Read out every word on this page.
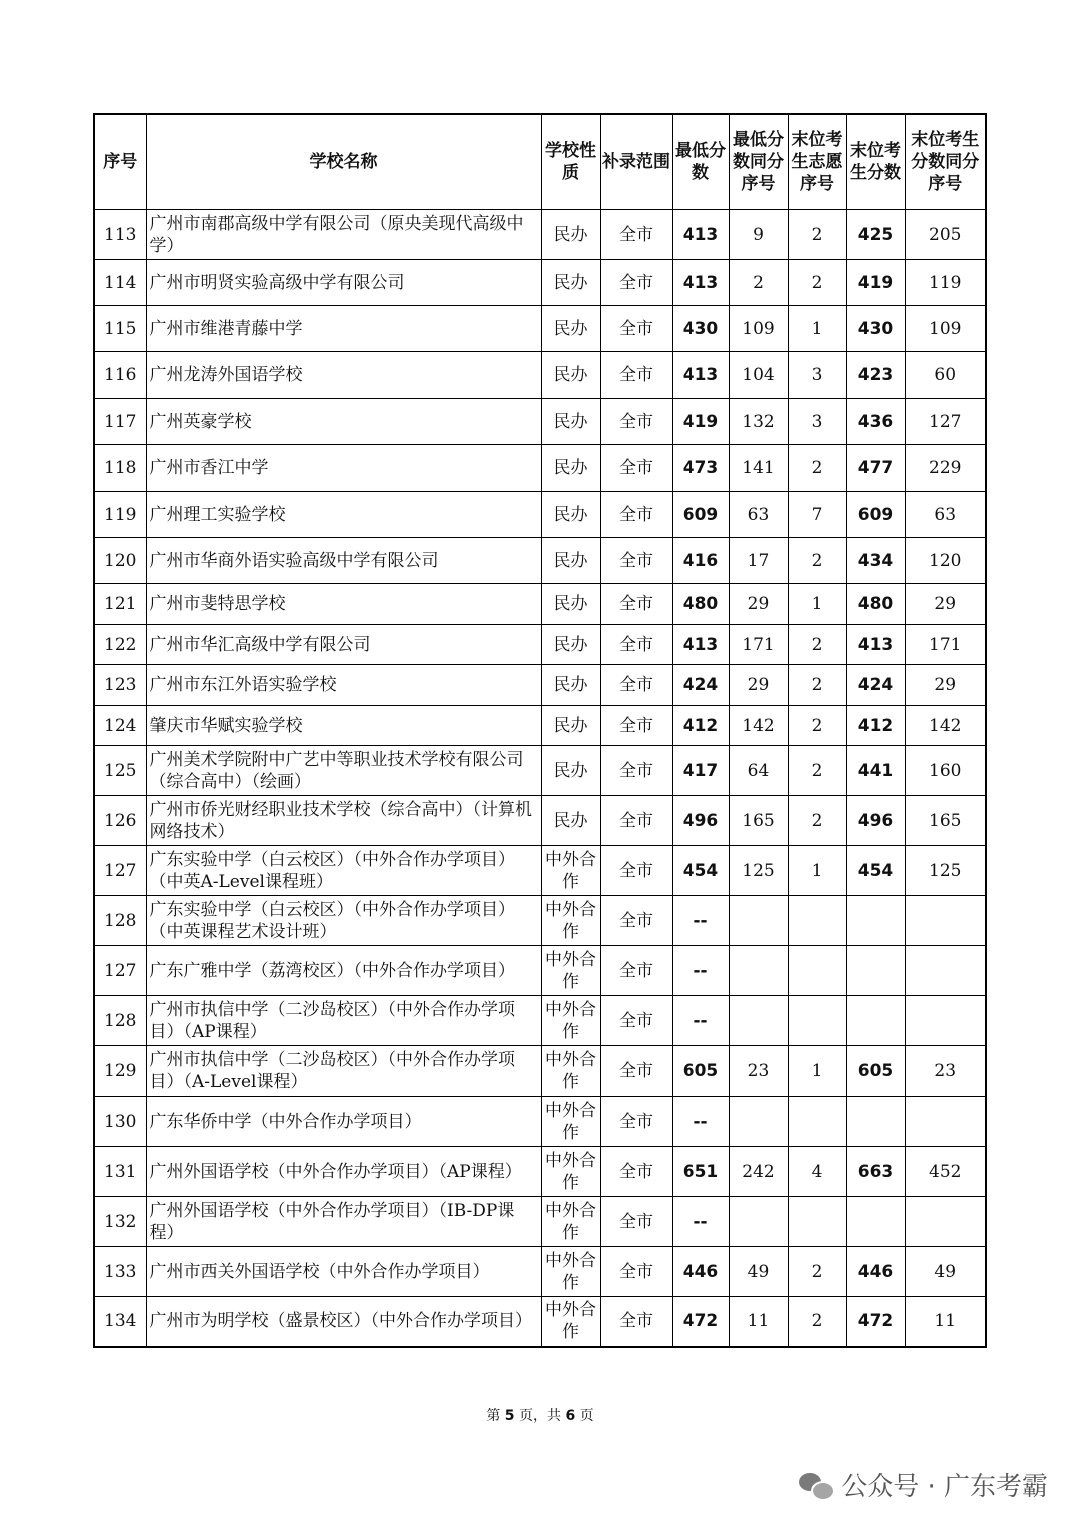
序号	学校名称	学校性质	补录范围	最低分数	最低分数同分序号	末位考生志愿序号	末位考生分数	末位考生分数同分序号
113	广州市南郡高级中学有限公司（原央美现代高级中学）	民办	全市	413	9	2	425	205
114	广州市明贤实验高级中学有限公司	民办	全市	413	2	2	419	119
115	广州市维港青藤中学	民办	全市	430	109	1	430	109
116	广州龙涛外国语学校	民办	全市	413	104	3	423	60
117	广州英豪学校	民办	全市	419	132	3	436	127
118	广州市香江中学	民办	全市	473	141	2	477	229
119	广州理工实验学校	民办	全市	609	63	7	609	63
120	广州市华商外语实验高级中学有限公司	民办	全市	416	17	2	434	120
121	广州市斐特思学校	民办	全市	480	29	1	480	29
122	广州市华汇高级中学有限公司	民办	全市	413	171	2	413	171
123	广州市东江外语实验学校	民办	全市	424	29	2	424	29
124	肇庆市华赋实验学校	民办	全市	412	142	2	412	142
125	广州美术学院附中广艺中等职业技术学校有限公司（综合高中）（绘画）	民办	全市	417	64	2	441	160
126	广州市侨光财经职业技术学校（综合高中）（计算机网络技术）	民办	全市	496	165	2	496	165
127	广东实验中学（白云校区）（中外合作办学项目）（中英A-Level课程班）	中外合作	全市	454	125	1	454	125
128	广东实验中学（白云校区）（中外合作办学项目）（中英课程艺术设计班）	中外合作	全市	--				
127	广东广雅中学（荔湾校区）（中外合作办学项目）	中外合作	全市	--				
128	广州市执信中学（二沙岛校区）（中外合作办学项目）（AP课程）	中外合作	全市	--				
129	广州市执信中学（二沙岛校区）（中外合作办学项目）（A-Level课程）	中外合作	全市	605	23	1	605	23
130	广东华侨中学（中外合作办学项目）	中外合作	全市	--				
131	广州外国语学校（中外合作办学项目）（AP课程）	中外合作	全市	651	242	4	663	452
132	广州外国语学校（中外合作办学项目）（IB-DP课程）	中外合作	全市	--				
133	广州市西关外国语学校（中外合作办学项目）	中外合作	全市	446	49	2	446	49
134	广州市为明学校（盛景校区）（中外合作办学项目）	中外合作	全市	472	11	2	472	11
第 5 页，共 6 页
公众号 · 广东考霸
